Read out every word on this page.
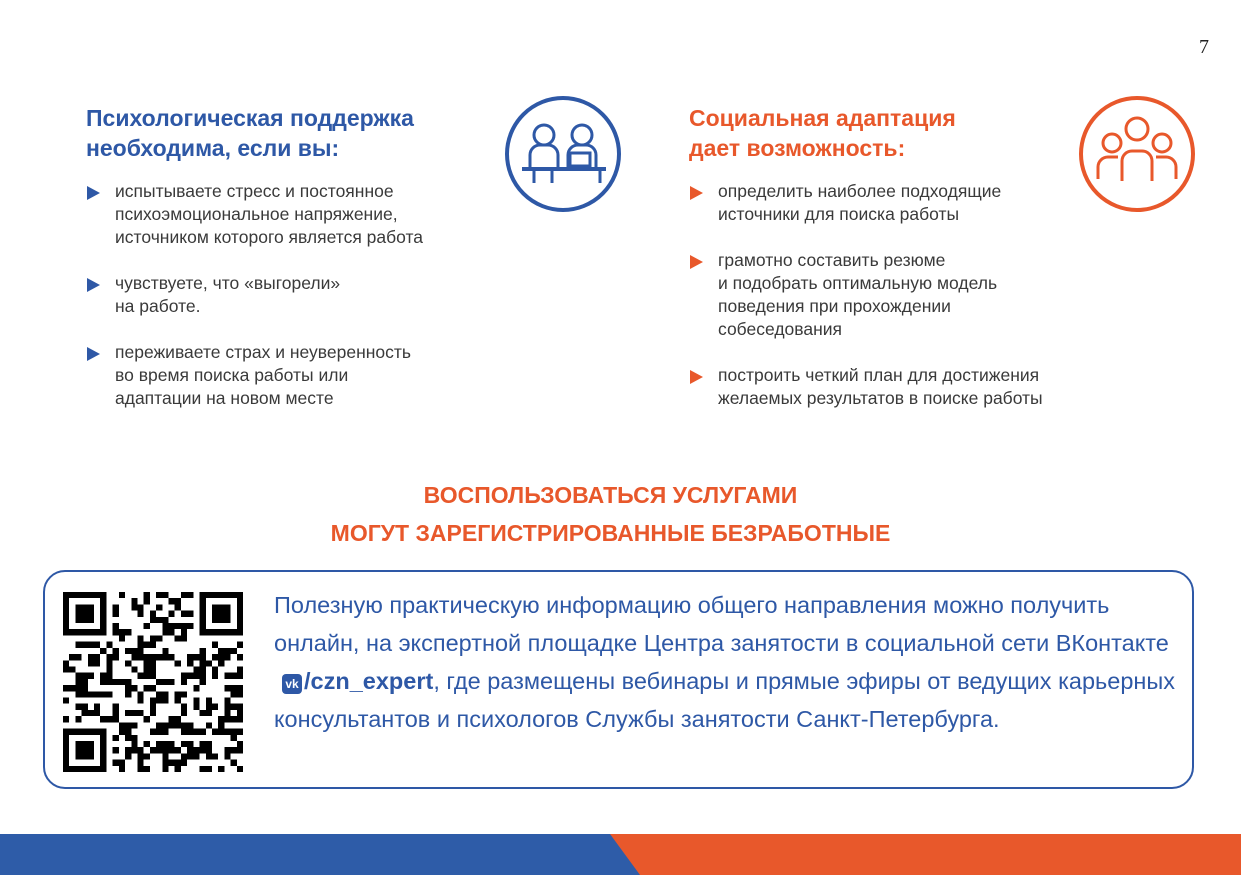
7
Психологическая поддержка
необходима, если вы:
испытываете стресс и постоянное
психоэмоциональное напряжение,
источником которого является работа
чувствуете, что «выгорели»
на работе.
переживаете страх и неуверенность
во время поиска работы или
адаптации на новом месте
Социальная адаптация
дает возможность:
определить наиболее подходящие
источники для поиска работы
грамотно составить резюме
и подобрать оптимальную модель
поведения при прохождении
собеседования
построить четкий план для достижения
желаемых результатов в поиске работы
ВОСПОЛЬЗОВАТЬСЯ УСЛУГАМИ
МОГУТ ЗАРЕГИСТРИРОВАННЫЕ БЕЗРАБОТНЫЕ
Полезную практическую информацию общего направления можно получить онлайн, на экспертной площадке Центра занятости в социальной сети ВКонтактеvk /czn_expert, где размещены вебинары и прямые эфиры от ведущих карьерных консультантов и психологов Службы занятости Санкт-Петербурга.
